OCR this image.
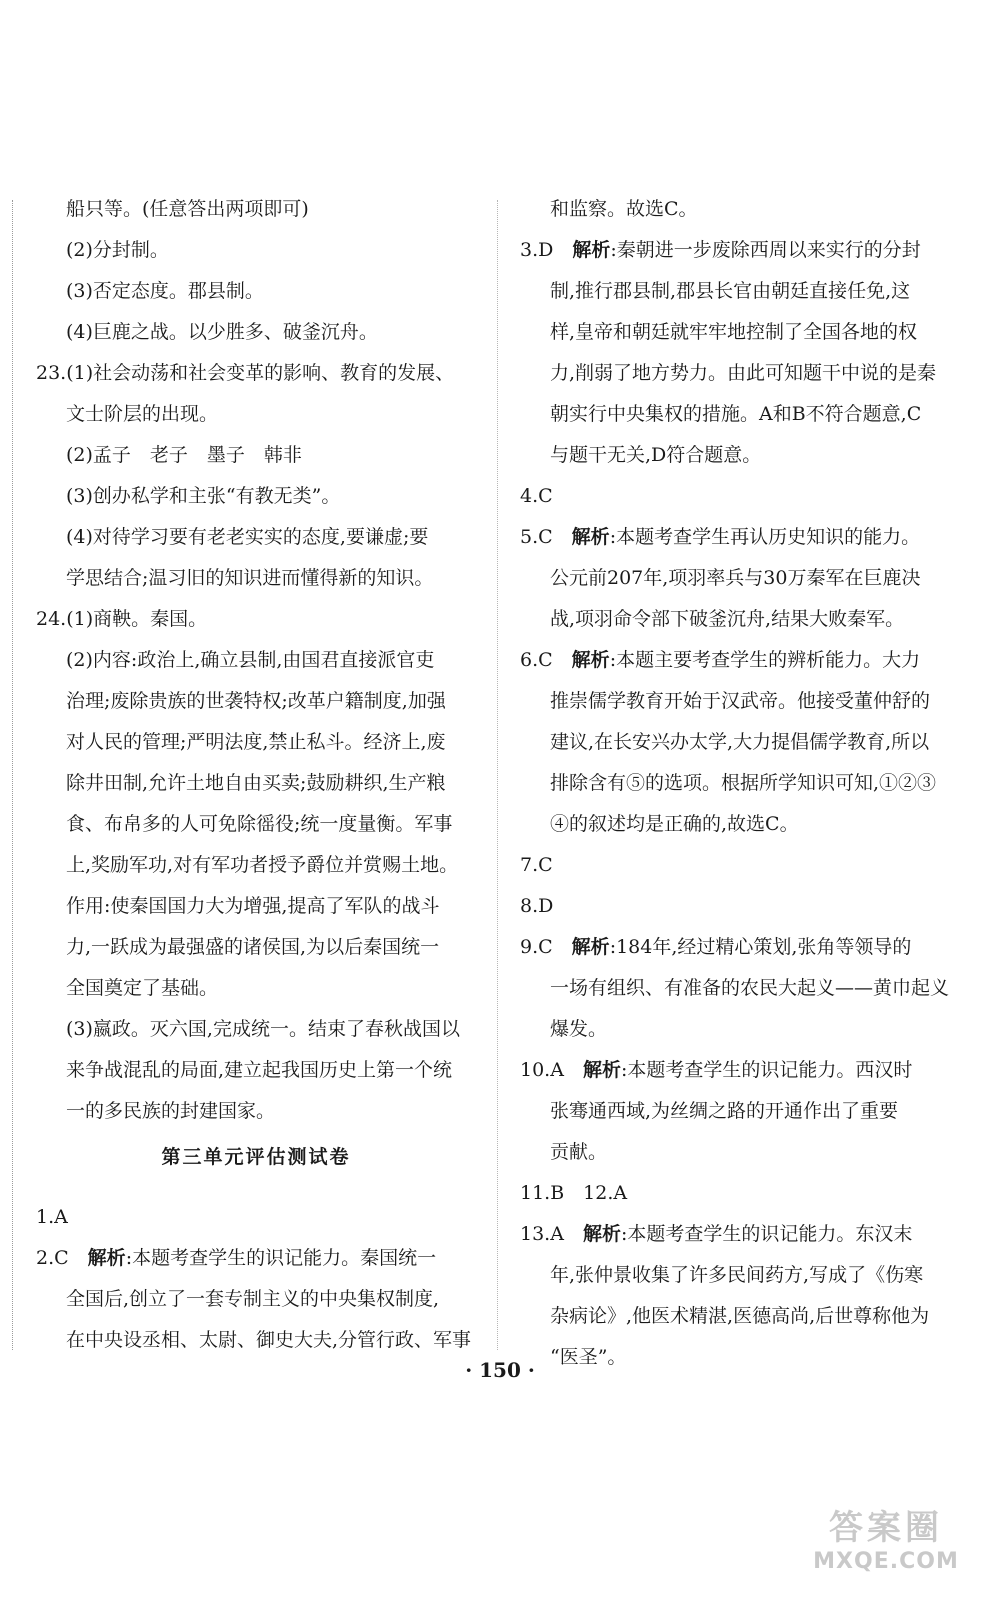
船只等。(任意答出两项即可)
(2)分封制。
(3)否定态度。郡县制。
(4)巨鹿之战。以少胜多、破釜沉舟。
23.(1)社会动荡和社会变革的影响、教育的发展、
文士阶层的出现。
(2)孟子　老子　墨子　韩非
(3)创办私学和主张“有教无类”。
(4)对待学习要有老老实实的态度,要谦虚;要
学思结合;温习旧的知识进而懂得新的知识。
24.(1)商鞅。秦国。
(2)内容:政治上,确立县制,由国君直接派官吏
治理;废除贵族的世袭特权;改革户籍制度,加强
对人民的管理;严明法度,禁止私斗。经济上,废
除井田制,允许土地自由买卖;鼓励耕织,生产粮
食、布帛多的人可免除徭役;统一度量衡。军事
上,奖励军功,对有军功者授予爵位并赏赐土地。
作用:使秦国国力大为增强,提高了军队的战斗
力,一跃成为最强盛的诸侯国,为以后秦国统一
全国奠定了基础。
(3)嬴政。灭六国,完成统一。结束了春秋战国以
来争战混乱的局面,建立起我国历史上第一个统
一的多民族的封建国家。
第三单元评估测试卷
1.A
2.C　解析:本题考查学生的识记能力。秦国统一
全国后,创立了一套专制主义的中央集权制度,
在中央设丞相、太尉、御史大夫,分管行政、军事
和监察。故选C。
3.D　解析:秦朝进一步废除西周以来实行的分封
制,推行郡县制,郡县长官由朝廷直接任免,这
样,皇帝和朝廷就牢牢地控制了全国各地的权
力,削弱了地方势力。由此可知题干中说的是秦
朝实行中央集权的措施。A和B不符合题意,C
与题干无关,D符合题意。
4.C
5.C　解析:本题考查学生再认历史知识的能力。
公元前207年,项羽率兵与30万秦军在巨鹿决
战,项羽命令部下破釜沉舟,结果大败秦军。
6.C　解析:本题主要考查学生的辨析能力。大力
推崇儒学教育开始于汉武帝。他接受董仲舒的
建议,在长安兴办太学,大力提倡儒学教育,所以
排除含有⑤的选项。根据所学知识可知,①②③
④的叙述均是正确的,故选C。
7.C
8.D
9.C　解析:184年,经过精心策划,张角等领导的
一场有组织、有准备的农民大起义——黄巾起义
爆发。
10.A　解析:本题考查学生的识记能力。西汉时
张骞通西域,为丝绸之路的开通作出了重要
贡献。
11.B　12.A
13.A　解析:本题考查学生的识记能力。东汉末
年,张仲景收集了许多民间药方,写成了《伤寒
杂病论》,他医术精湛,医德高尚,后世尊称他为
“医圣”。
· 150 ·
答案圈
MXQE.COM
